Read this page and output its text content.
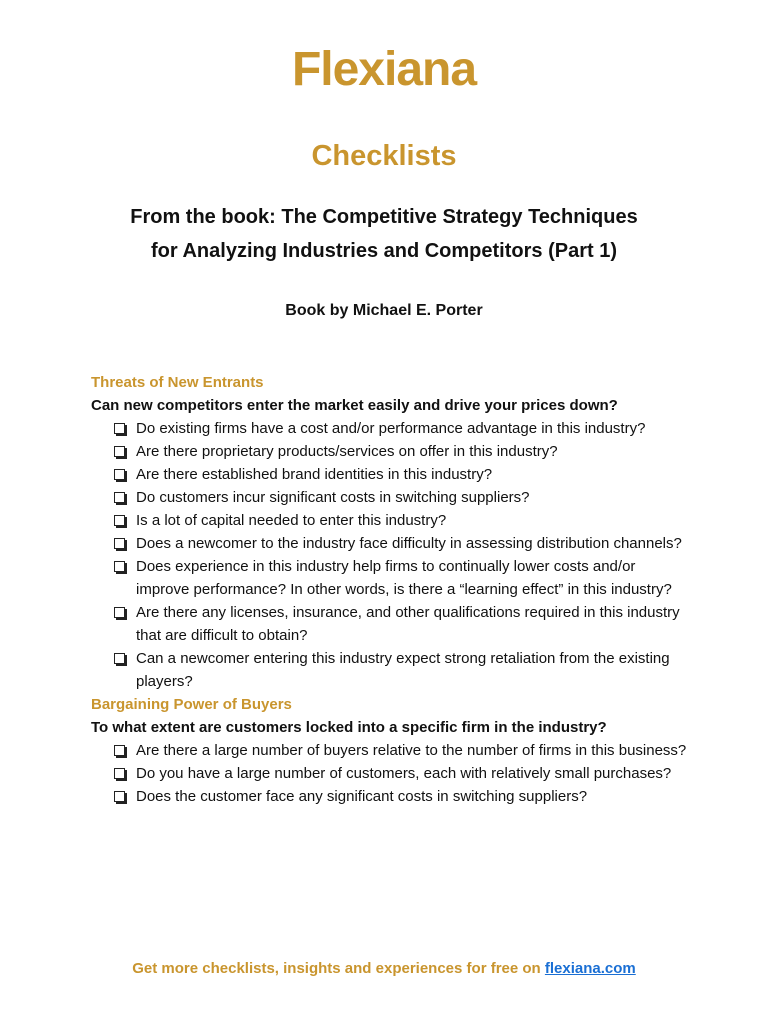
Flexiana
Checklists
From the book: The Competitive Strategy Techniques
for Analyzing Industries and Competitors (Part 1)
Book by Michael E. Porter
Threats of New Entrants
Can new competitors enter the market easily and drive your prices down?
Do existing firms have a cost and/or performance advantage in this industry?
Are there proprietary products/services on offer in this industry?
Are there established brand identities in this industry?
Do customers incur significant costs in switching suppliers?
Is a lot of capital needed to enter this industry?
Does a newcomer to the industry face difficulty in assessing distribution channels?
Does experience in this industry help firms to continually lower costs and/or improve performance? In other words, is there a “learning effect” in this industry?
Are there any licenses, insurance, and other qualifications required in this industry that are difficult to obtain?
Can a newcomer entering this industry expect strong retaliation from the existing players?
Bargaining Power of Buyers
To what extent are customers locked into a specific firm in the industry?
Are there a large number of buyers relative to the number of firms in this business?
Do you have a large number of customers, each with relatively small purchases?
Does the customer face any significant costs in switching suppliers?
Get more checklists, insights and experiences for free on flexiana.com
